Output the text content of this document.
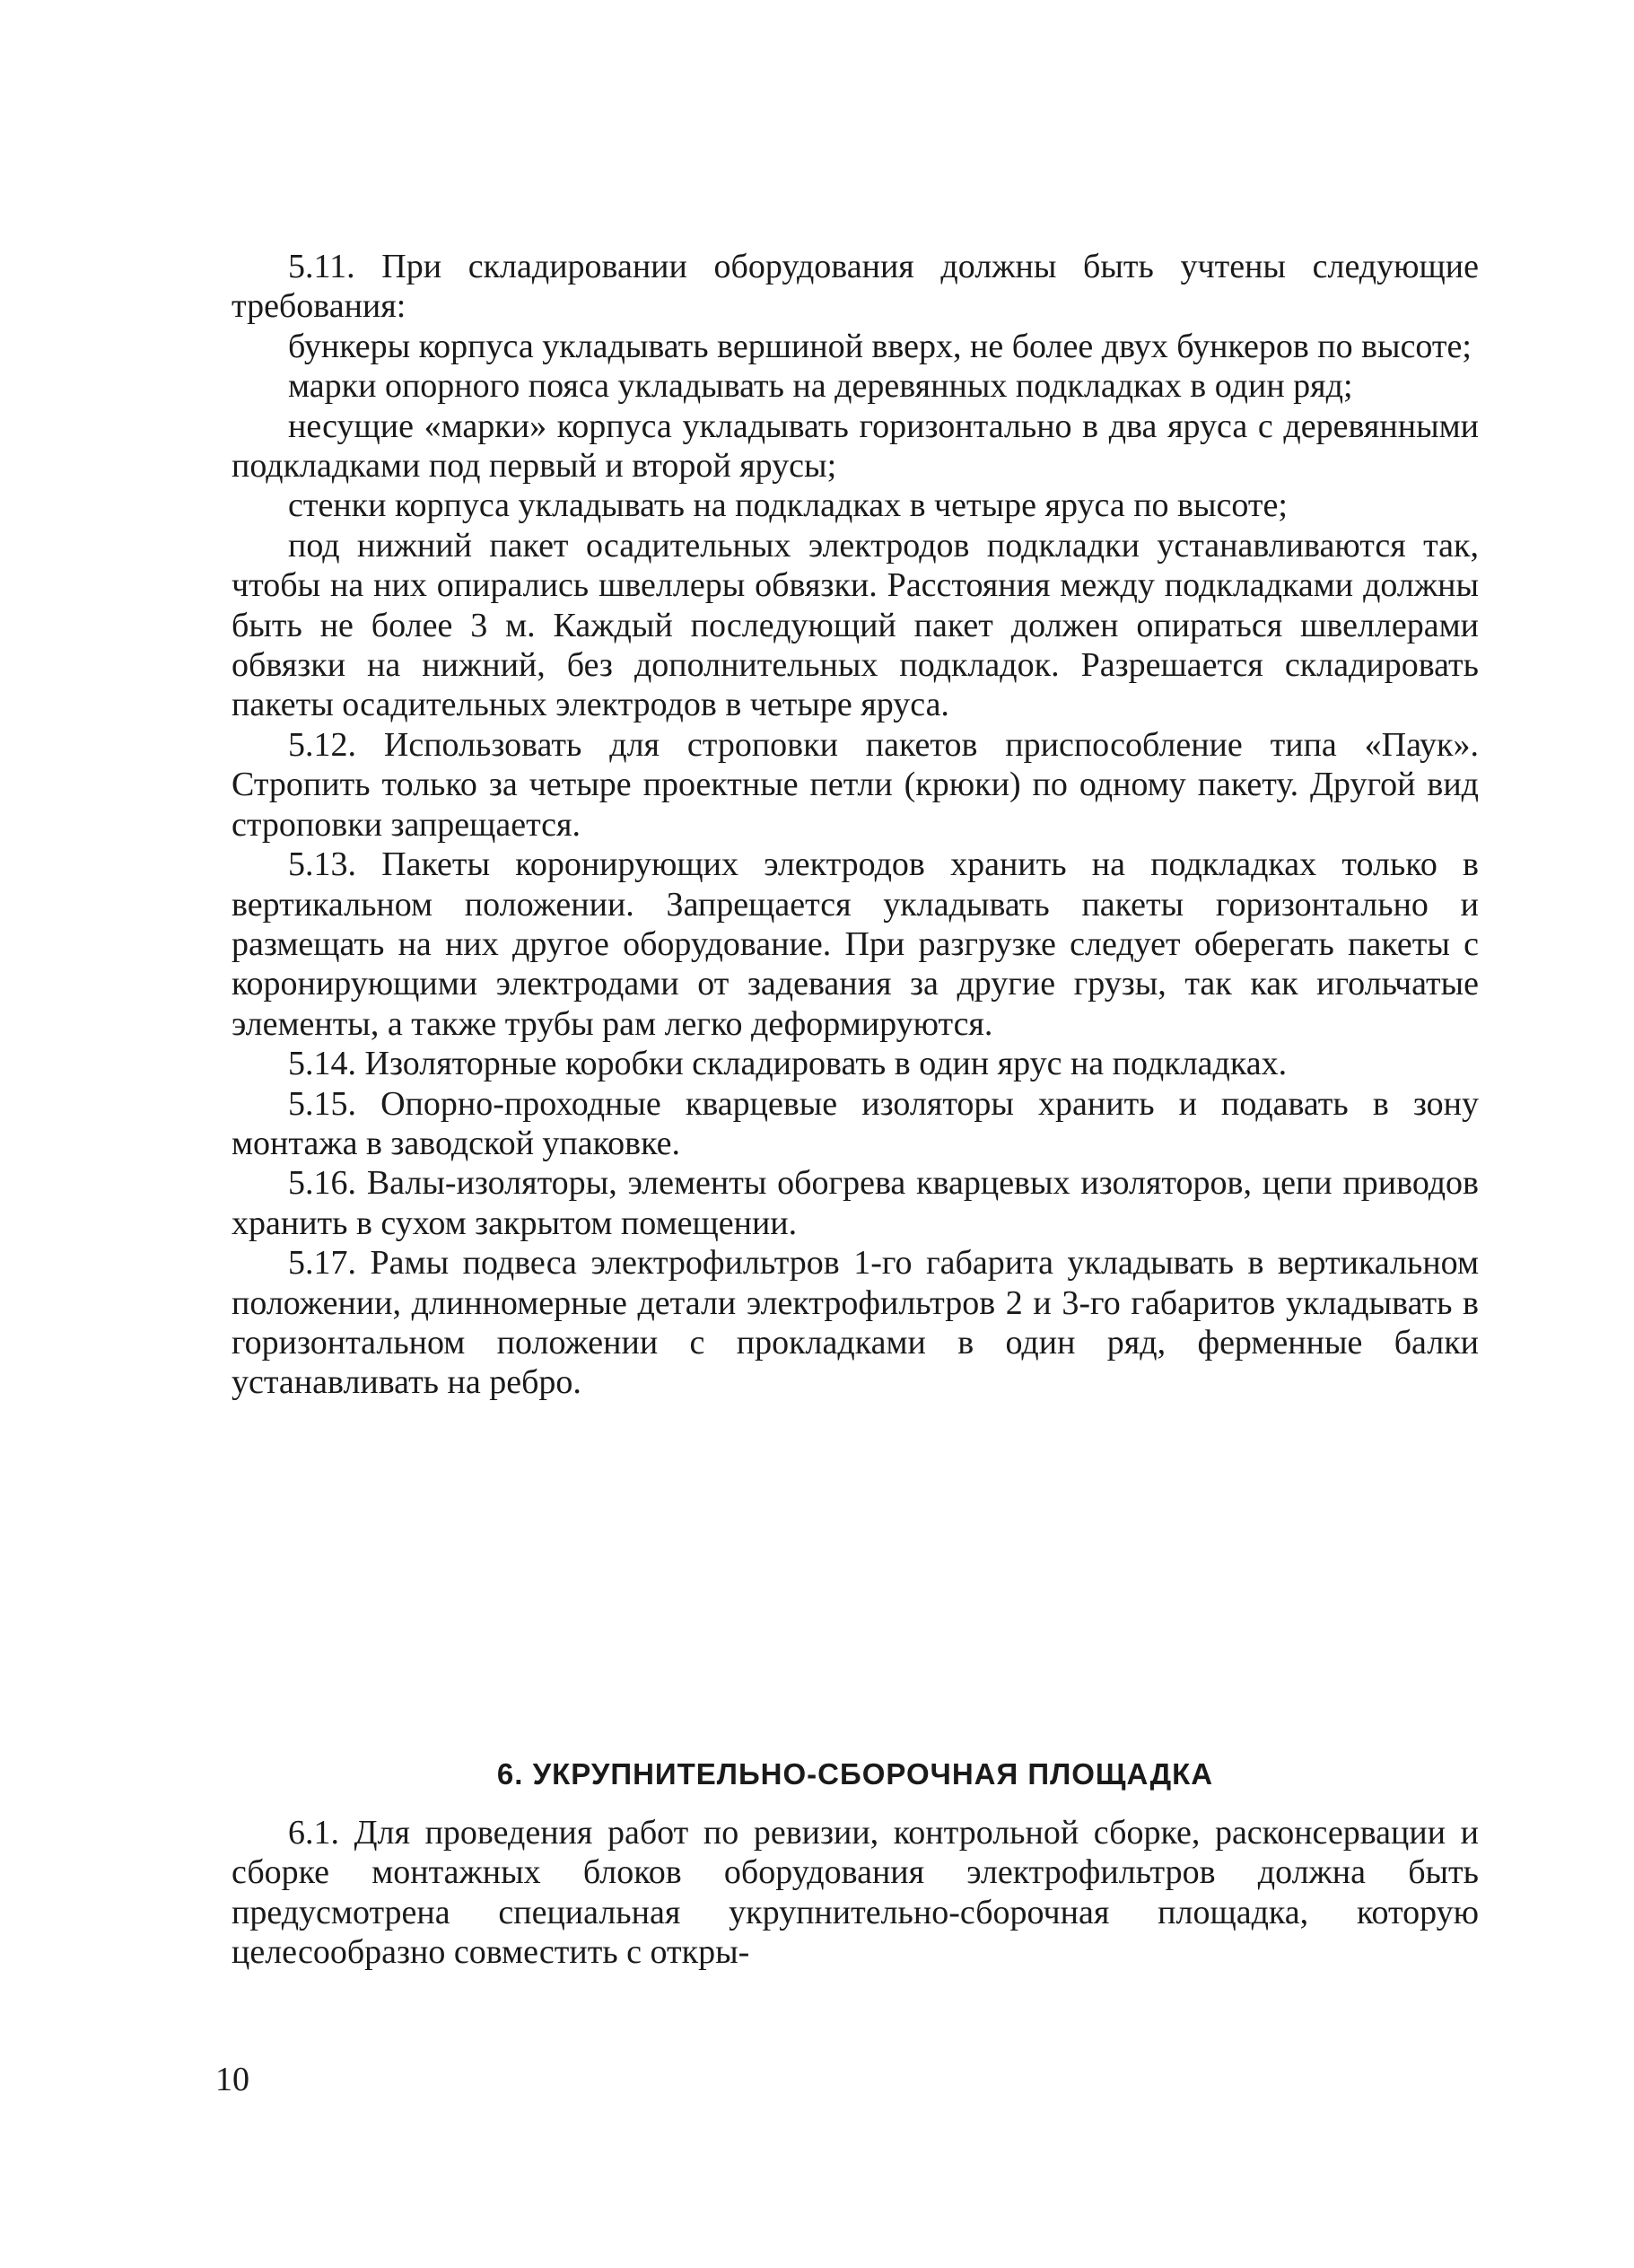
5.11. При складировании оборудования должны быть учтены следующие требования:

бункеры корпуса укладывать вершиной вверх, не более двух бункеров по высоте;

марки опорного пояса укладывать на деревянных подкладках в один ряд;

несущие «марки» корпуса укладывать горизонтально в два яруса с деревянными подкладками под первый и второй ярусы;

стенки корпуса укладывать на подкладках в четыре яруса по высоте;

под нижний пакет осадительных электродов подкладки устанавливаются так, чтобы на них опирались швеллеры обвязки. Расстояния между подкладками должны быть не более 3 м. Каждый последующий пакет должен опираться швеллерами обвязки на нижний, без дополнительных подкладок. Разрешается складировать пакеты осадительных электродов в четыре яруса.

5.12. Использовать для строповки пакетов приспособление типа «Паук». Стропить только за четыре проектные петли (крюки) по одному пакету. Другой вид строповки запрещается.

5.13. Пакеты коронирующих электродов хранить на подкладках только в вертикальном положении. Запрещается укладывать пакеты горизонтально и размещать на них другое оборудование. При разгрузке следует оберегать пакеты с коронирующими электродами от задевания за другие грузы, так как игольчатые элементы, а также трубы рам легко деформируются.

5.14. Изоляторные коробки складировать в один ярус на подкладках.

5.15. Опорно-проходные кварцевые изоляторы хранить и подавать в зону монтажа в заводской упаковке.

5.16. Валы-изоляторы, элементы обогрева кварцевых изоляторов, цепи приводов хранить в сухом закрытом помещении.

5.17. Рамы подвеса электрофильтров 1-го габарита укладывать в вертикальном положении, длинномерные детали электрофильтров 2 и 3-го габаритов укладывать в горизонтальном положении с прокладками в один ряд, ферменные балки устанавливать на ребро.

6. УКРУПНИТЕЛЬНО-СБОРОЧНАЯ ПЛОЩАДКА

6.1. Для проведения работ по ревизии, контрольной сборке, расконсервации и сборке монтажных блоков оборудования электрофильтров должна быть предусмотрена специальная укрупнительно-сборочная площадка, которую целесообразно совместить с откры-

10
